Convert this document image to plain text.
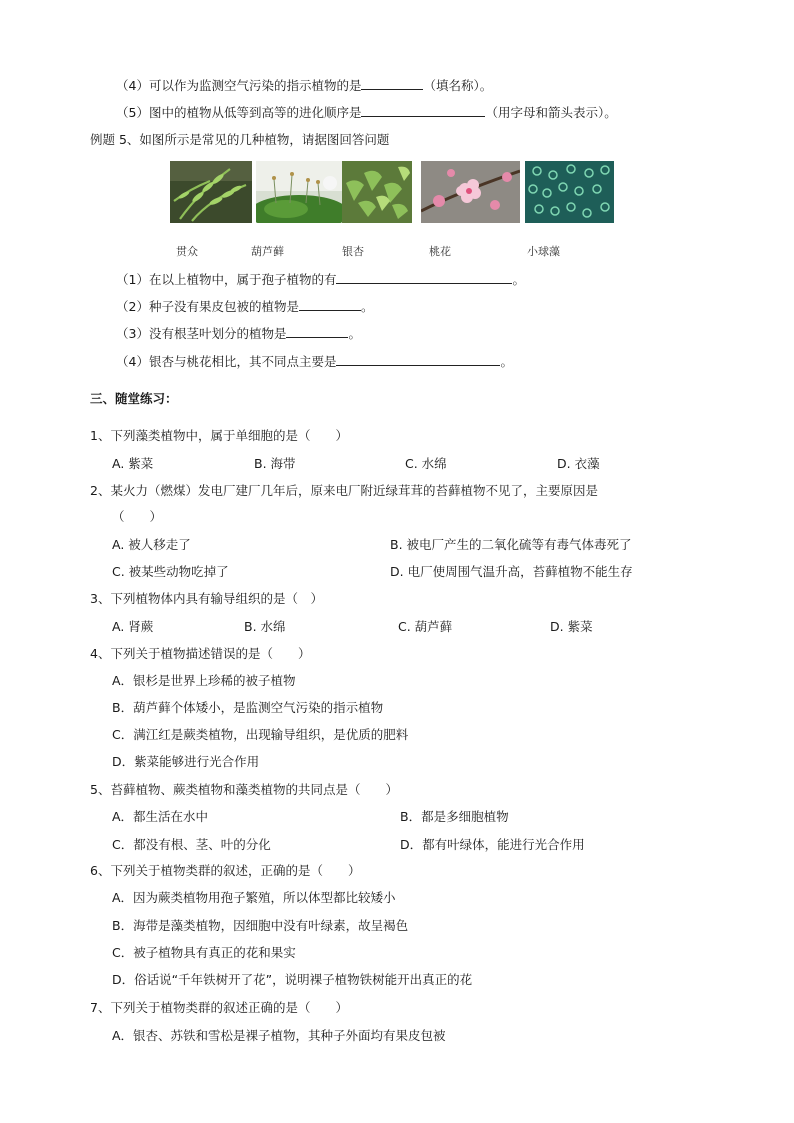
（4）可以作为监测空气污染的指示植物的是	（填名称）。
（5）图中的植物从低等到高等的进化顺序是	（用字母和箭头表示）。
例题 5、如图所示是常见的几种植物，请据图回答问题
贯众	葫芦藓	银杏	桃花	小球藻
（1）在以上植物中，属于孢子植物的有	。
（2）种子没有果皮包被的植物是	。
（3）没有根茎叶划分的植物是	。
（4）银杏与桃花相比，其不同点主要是	。
三、随堂练习：
1、下列藻类植物中，属于单细胞的是（　　）
A. 紫菜	B. 海带	C. 水绵	D. 衣藻
2、某火力（燃煤）发电厂建厂几年后，原来电厂附近绿茸茸的苔藓植物不见了，主要原因是
（　　）
A. 被人移走了	B. 被电厂产生的二氧化硫等有毒气体毒死了
C. 被某些动物吃掉了	D. 电厂使周围气温升高，苔藓植物不能生存
3、下列植物体内具有输导组织的是（　）
A. 肾蕨	B. 水绵	C. 葫芦藓	D. 紫菜
4、下列关于植物描述错误的是（　　）
A．银杉是世界上珍稀的被子植物
B．葫芦藓个体矮小，是监测空气污染的指示植物
C．满江红是蕨类植物，出现输导组织，是优质的肥料
D．紫菜能够进行光合作用
5、苔藓植物、蕨类植物和藻类植物的共同点是（　　）
A．都生活在水中	B．都是多细胞植物
C．都没有根、茎、叶的分化	D．都有叶绿体，能进行光合作用
6、下列关于植物类群的叙述，正确的是（　　）
A．因为蕨类植物用孢子繁殖，所以体型都比较矮小
B．海带是藻类植物，因细胞中没有叶绿素，故呈褐色
C．被子植物具有真正的花和果实
D．俗话说“千年铁树开了花”，说明裸子植物铁树能开出真正的花
7、下列关于植物类群的叙述正确的是（　　）
A．银杏、苏铁和雪松是裸子植物，其种子外面均有果皮包被
